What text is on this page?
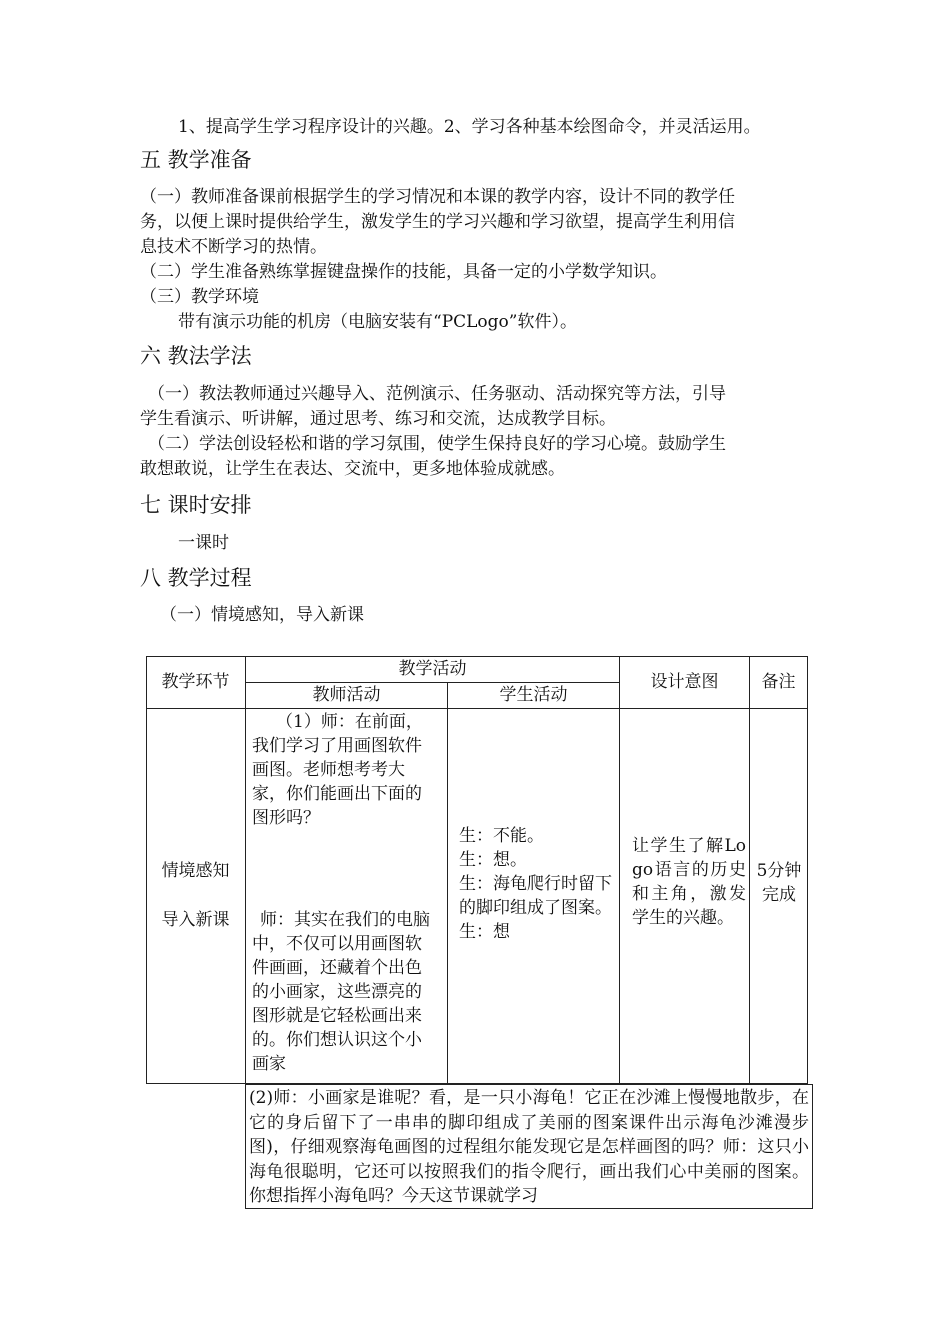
1、提高学生学习程序设计的兴趣。2、学习各种基本绘图命令，并灵活运用。
五 教学准备
（一）教师准备课前根据学生的学习情况和本课的教学内容，设计不同的教学任
务，以便上课时提供给学生，激发学生的学习兴趣和学习欲望，提高学生利用信
息技术不断学习的热情。
（二）学生准备熟练掌握键盘操作的技能，具备一定的小学数学知识。
（三）教学环境
带有演示功能的机房（电脑安装有“PCLogo”软件）。
六 教法学法
（一）教法教师通过兴趣导入、范例演示、任务驱动、活动探究等方法，引导
学生看演示、听讲解，通过思考、练习和交流，达成教学目标。
（二）学法创设轻松和谐的学习氛围，使学生保持良好的学习心境。鼓励学生
敢想敢说，让学生在表达、交流中，更多地体验成就感。
七 课时安排
一课时
八 教学过程
（一）情境感知，导入新课
教学环节
教学活动
教师活动	学生活动
设计意图	备注
情境感知
导入新课
（1）师：在前面，我们学习了用画图软件画图。老师想考考大家，你们能画出下面的图形吗？
师：其实在我们的电脑中，不仅可以用画图软件画画，还藏着个出色的小画家，这些漂亮的图形就是它轻松画出来的。你们想认识这个小画家
生：不能。
生：想。
生：海龟爬行时留下的脚印组成了图案。
生：想
让学生了解Logo语言的历史和主角，激发学生的兴趣。
5分钟完成
(2)师：小画家是谁呢？看，是一只小海龟！它正在沙滩上慢慢地散步，在它的身后留下了一串串的脚印组成了美丽的图案课件出示海龟沙滩漫步图)，仔细观察海龟画图的过程组尔能发现它是怎样画图的吗？师：这只小海龟很聪明，它还可以按照我们的指令爬行，画出我们心中美丽的图案。你想指挥小海龟吗？今天这节课就学习
